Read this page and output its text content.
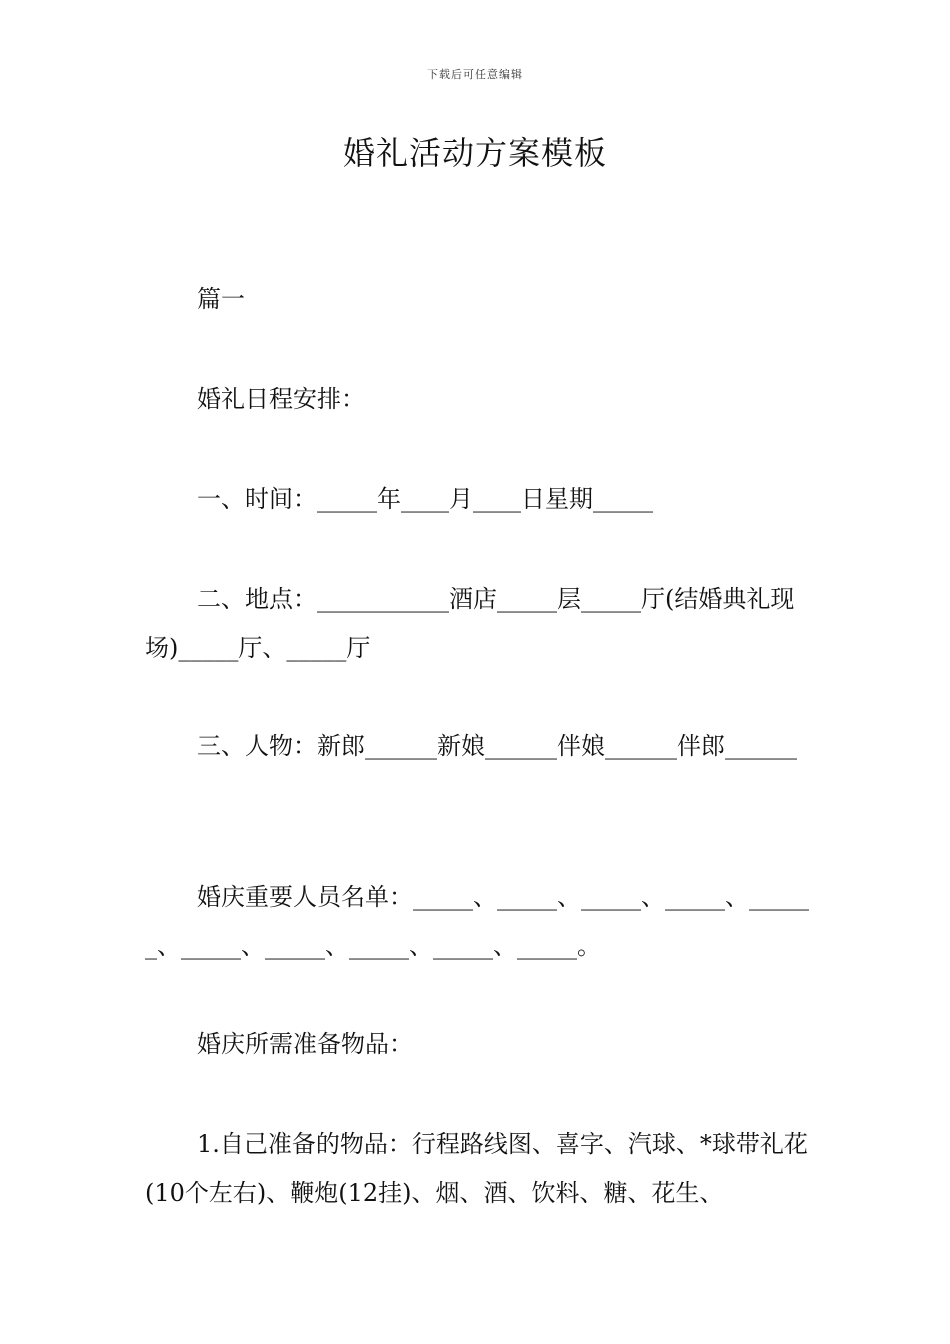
下载后可任意编辑
婚礼活动方案模板

篇一

婚礼日程安排：

一、时间：_____年____月____日星期_____

二、地点：___________酒店_____层_____厅(结婚典礼现场)_____厅、_____厅

三、人物：新郎______新娘______伴娘______伴郎______

婚庆重要人员名单：_____、_____、_____、_____、______、_____、_____、_____、_____、_____。

婚庆所需准备物品：

1.自己准备的物品：行程路线图、喜字、汽球、*球带礼花(10个左右)、鞭炮(12挂)、烟、酒、饮料、糖、花生、
